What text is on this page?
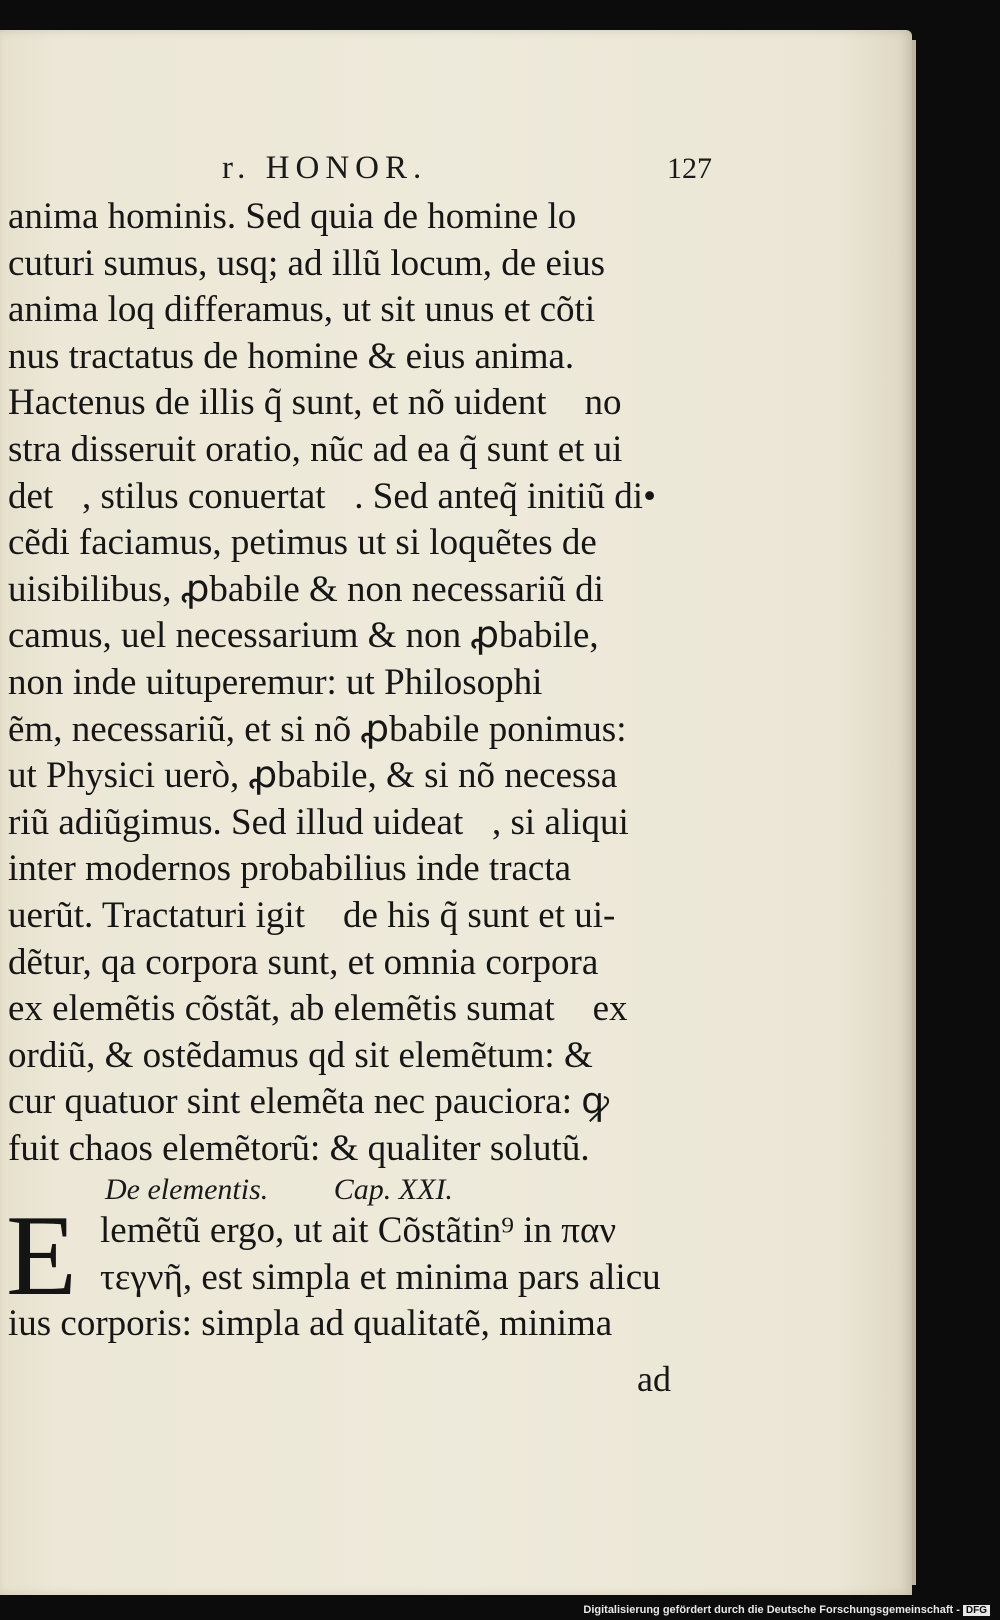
r. HONOR.	127
anima hominis. Sed quia de homine lo
cuturi sumus, usq; ad illũ locum, de eius
anima loq differamus, ut sit unus et cõti
nus tractatus de homine & eius anima.
Hactenus de illis q̃ sunt, et nõ uidentᷣ no
stra disseruit oratio, nũc ad ea q̃ sunt et ui
detᷣ, stilus conuertatᷣ. Sed anteq̃ initiũ di•
cẽdi faciamus, petimus ut si loquẽtes de
uisibilibus, ꝓbabile & non necessariũ di
camus, uel necessarium & non ꝓbabile,
non inde uituperemur: ut Philosophi
ẽm, necessariũ, et si nõ ꝓbabile ponimus:
ut Physici uerò, ꝓbabile, & si nõ necessa
riũ adiũgimus. Sed illud uideatᷣ, si aliqui
inter modernos probabilius inde tracta
uerũt. Tractaturi igitᷣ de his q̃ sunt et ui-
dẽtur, qa corpora sunt, et omnia corpora
ex elemẽtis cõstãt, ab elemẽtis sumatᷣ ex
ordiũ, & ostẽdamus qd sit elemẽtum: &
cur quatuor sint elemẽta nec pauciora: ꝙ
fuit chaos elemẽtorũ: & qualiter solutũ.
De elementis. Cap. XXI.
E lemẽtũ ergo, ut ait Cõstãtin⁹ in παν
τεγνῆ, est simpla et minima pars alicu
ius corporis: simpla ad qualitatẽ, minima
ad
Digitalisierung gefördert durch die Deutsche Forschungsgemeinschaft - DFG
